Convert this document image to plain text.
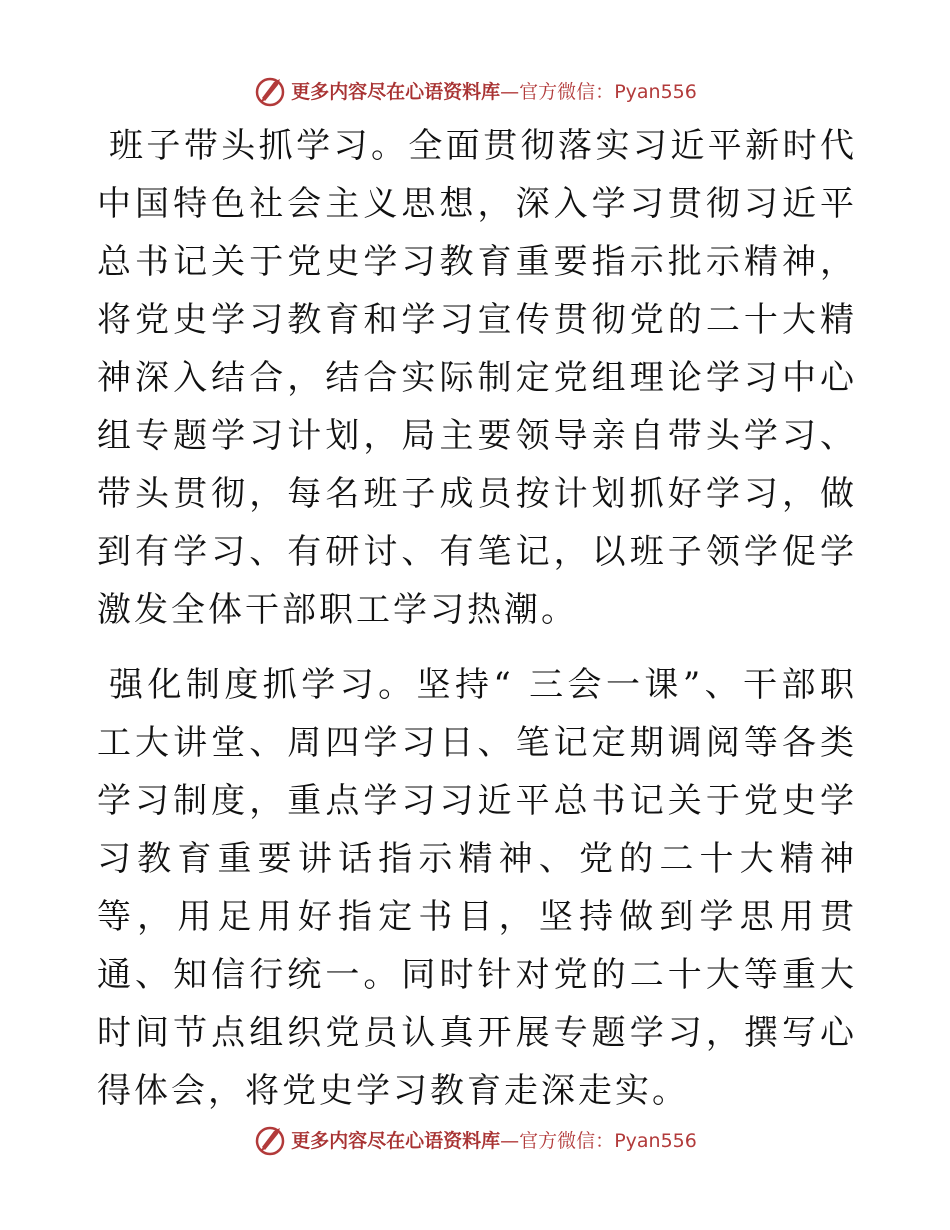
更多内容尽在心语资料库—官方微信：Pyan556

班子带头抓学习。全面贯彻落实习近平新时代中国特色社会主义思想，深入学习贯彻习近平总书记关于党史学习教育重要指示批示精神，将党史学习教育和学习宣传贯彻党的二十大精神深入结合，结合实际制定党组理论学习中心组专题学习计划，局主要领导亲自带头学习、带头贯彻，每名班子成员按计划抓好学习，做到有学习、有研讨、有笔记，以班子领学促学激发全体干部职工学习热潮。

强化制度抓学习。坚持“ 三会一课”、干部职工大讲堂、周四学习日、笔记定期调阅等各类学习制度，重点学习习近平总书记关于党史学习教育重要讲话指示精神、党的二十大精神等，用足用好指定书目，坚持做到学思用贯通、知信行统一。同时针对党的二十大等重大时间节点组织党员认真开展专题学习，撰写心得体会，将党史学习教育走深走实。

更多内容尽在心语资料库—官方微信：Pyan556
